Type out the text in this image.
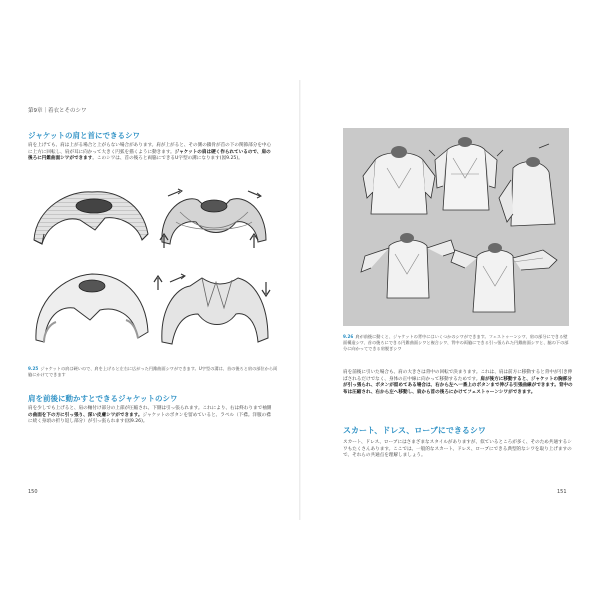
第9章｜着衣とそのシワ
ジャケットの肩と首にできるシワ
肩を上げても、肩は上がる場合と上がらない場合があります。肩が上がると、その側の鎖骨が首の下の関節部分を中心に上方に回転し、肩が耳に向かって大きく円弧を描くように動きます。ジャケットの肩は硬く作られているので、肩の後ろに円錐曲面シワができます。このシワは、首の後ろと両脇にできるU字型の溝になります(図9.25)。
9.25 ジャケットの肩は硬いので、肩を上げると左右に広がった円錐曲面シワができます。U字型の溝は、首の後ろと肩の部位から両脇にかけてできます
肩を前後に動かすとできるジャケットのシワ
肩を少しでも上げると、肩の軸付け部分の上部が圧縮され、下側は引っ張られます。これにより、右は終わりまで袖側の曲面を下の方に引っ張り、深い皮膚シワができます。ジャケットのボタンを留めていると、ラペル（下襟。洋服の襟に続く身頃の折り返し部分）が引っ張られます(図9.26)。
150
9.26 肩が前後に動くと、ジャケットの背中にはいくつかのシワができます。フェストゥーンシワ、肩の部分にできる壁面構造シワ、首の後ろにできる円錐曲面シワと複合シワ、背中の両脇にできる引っ張られた円錐曲面シワと、脇の下の部分に向かってできる肩脱ぎシワ
肩を前後に引いた場合も、肩の大きさは背中の回転で決まります。これは、肩は前方に移動すると背中が引き伸ばされるだけでなく、身体の正中線に向かって移動するためです。肩が後方に移動すると、ジャケットの胸部分が引っ張られ、ボタンが留めてある場合は、右から左へ一番上のボタンまで伸びる引張曲線ができます。背中の布は圧縮され、右から左へ移動し、肩から首の後ろにかけてフェストゥーンシワができます。
スカート、ドレス、ローブにできるシワ
スカート、ドレス、ローブにはさまざまなスタイルがありますが、似ているところが多く、そのため共通するシワもたくさんあります。ここでは、一般的なスカート、ドレス、ローブにできる典型的なシワを取り上げますので、それらの共通点を理解しましょう。
151
